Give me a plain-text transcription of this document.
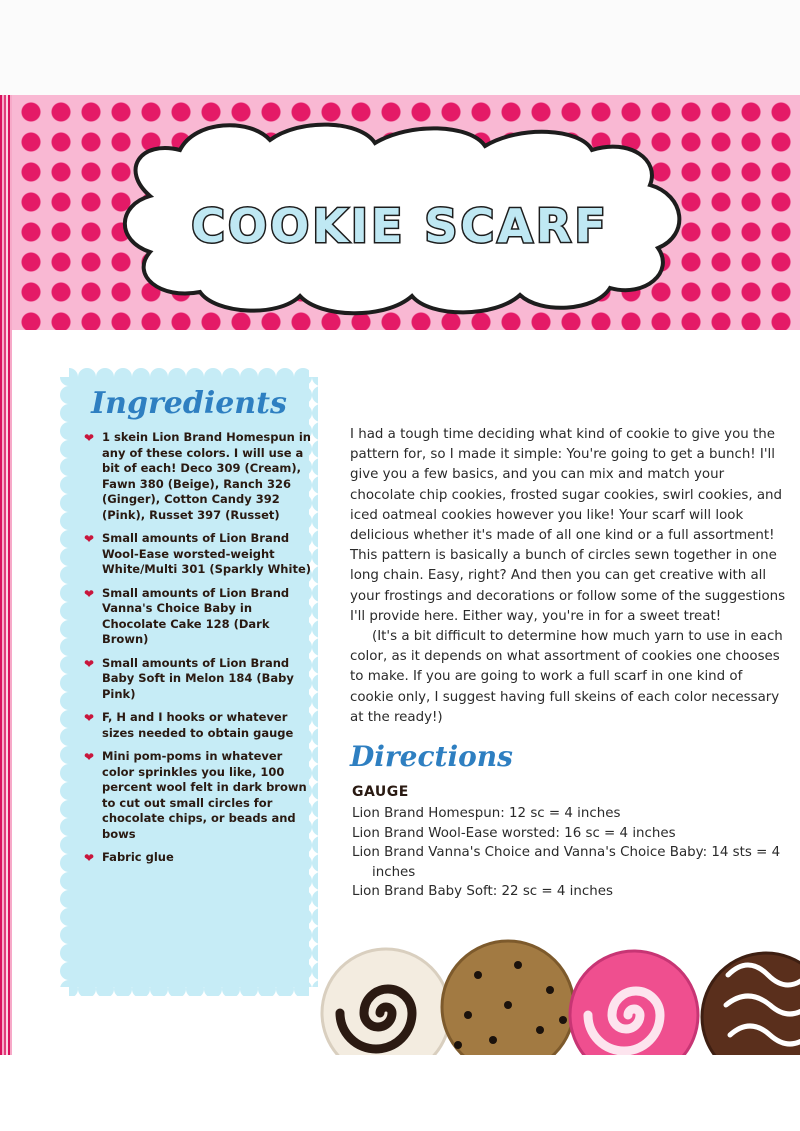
COOKIE SCARF
Ingredients
❤ 1 skein Lion Brand Homespun in any of these colors. I will use a bit of each! Deco 309 (Cream), Fawn 380 (Beige), Ranch 326 (Ginger), Cotton Candy 392 (Pink), Russet 397 (Russet)
❤ Small amounts of Lion Brand Wool-Ease worsted-weight White/Multi 301 (Sparkly White)
❤ Small amounts of Lion Brand Vanna's Choice Baby in Chocolate Cake 128 (Dark Brown)
❤ Small amounts of Lion Brand Baby Soft in Melon 184 (Baby Pink)
❤ F, H and I hooks or whatever sizes needed to obtain gauge
❤ Mini pom-poms in whatever color sprinkles you like, 100 percent wool felt in dark brown to cut out small circles for chocolate chips, or beads and bows
❤ Fabric glue

I had a tough time deciding what kind of cookie to give you the pattern for, so I made it simple: You're going to get a bunch! I'll give you a few basics, and you can mix and match your chocolate chip cookies, frosted sugar cookies, swirl cookies, and iced oatmeal cookies however you like! Your scarf will look delicious whether it's made of all one kind or a full assortment! This pattern is basically a bunch of circles sewn together in one long chain. Easy, right? And then you can get creative with all your frostings and decorations or follow some of the suggestions I'll provide here. Either way, you're in for a sweet treat!

(It's a bit difficult to determine how much yarn to use in each color, as it depends on what assortment of cookies one chooses to make. If you are going to work a full scarf in one kind of cookie only, I suggest having full skeins of each color necessary at the ready!)

Directions
GAUGE
Lion Brand Homespun: 12 sc = 4 inches
Lion Brand Wool-Ease worsted: 16 sc = 4 inches
Lion Brand Vanna's Choice and Vanna's Choice Baby: 14 sts = 4 inches
Lion Brand Baby Soft: 22 sc = 4 inches
